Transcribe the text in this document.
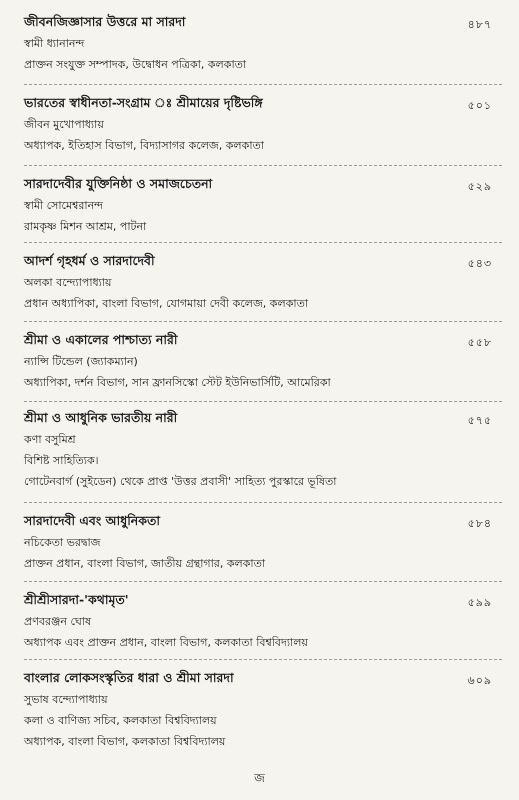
জীবনজিজ্ঞাসার উত্তরে মা সারদা	৪৮৭
স্বামী ধ্যানানন্দ
প্রাক্তন সংযুক্ত সম্পাদক, উদ্বোধন পত্রিকা, কলকাতা
ভারতের স্বাধীনতা-সংগ্রাম ঃ শ্রীমায়ের দৃষ্টিভঙ্গি	৫০১
জীবন মুখোপাধ্যায়
অধ্যাপক, ইতিহাস বিভাগ, বিদ্যাসাগর কলেজ, কলকাতা
সারদাদেবীর যুক্তিনিষ্ঠা ও সমাজচেতনা	৫২৯
স্বামী সোমেশ্বরানন্দ
রামকৃষ্ণ মিশন আশ্রম, পাটনা
আদর্শ গৃহধর্ম ও সারদাদেবী	৫৪৩
অলকা বন্দ্যোপাধ্যায়
প্রধান অধ্যাপিকা, বাংলা বিভাগ, যোগমায়া দেবী কলেজ, কলকাতা
শ্রীমা ও একালের পাশ্চাত্য নারী	৫৫৮
ন্যান্সি টিন্ডেল (জ্যাকম্যান)
অধ্যাপিকা, দর্শন বিভাগ, সান ফ্রানসিস্কো স্টেট ইউনিভার্সিটি, আমেরিকা
শ্রীমা ও আধুনিক ভারতীয় নারী	৫৭৫
কণা বসুমিশ্র
বিশিষ্ট সাহিত্যিক।
গোটেনবার্গ (সুইডেন) থেকে প্রাপ্ত 'উত্তর প্রবাসী' সাহিত্য পুরস্কারে ভূষিতা
সারদাদেবী এবং আধুনিকতা	৫৮৪
নচিকেতা ভরদ্বাজ
প্রাক্তন প্রধান, বাংলা বিভাগ, জাতীয় গ্রন্থাগার, কলকাতা
শ্রীশ্রীসারদা-'কথামৃত'	৫৯৯
প্রণবরঞ্জন ঘোষ
অধ্যাপক এবং প্রাক্তন প্রধান, বাংলা বিভাগ, কলকাতা বিশ্ববিদ্যালয়
বাংলার লোকসংস্কৃতির ধারা ও শ্রীমা সারদা	৬০৯
সুভাষ বন্দ্যোপাধ্যায়
কলা ও বাণিজ্য সচিব, কলকাতা বিশ্ববিদ্যালয়
অধ্যাপক, বাংলা বিভাগ, কলকাতা বিশ্ববিদ্যালয়
জ
